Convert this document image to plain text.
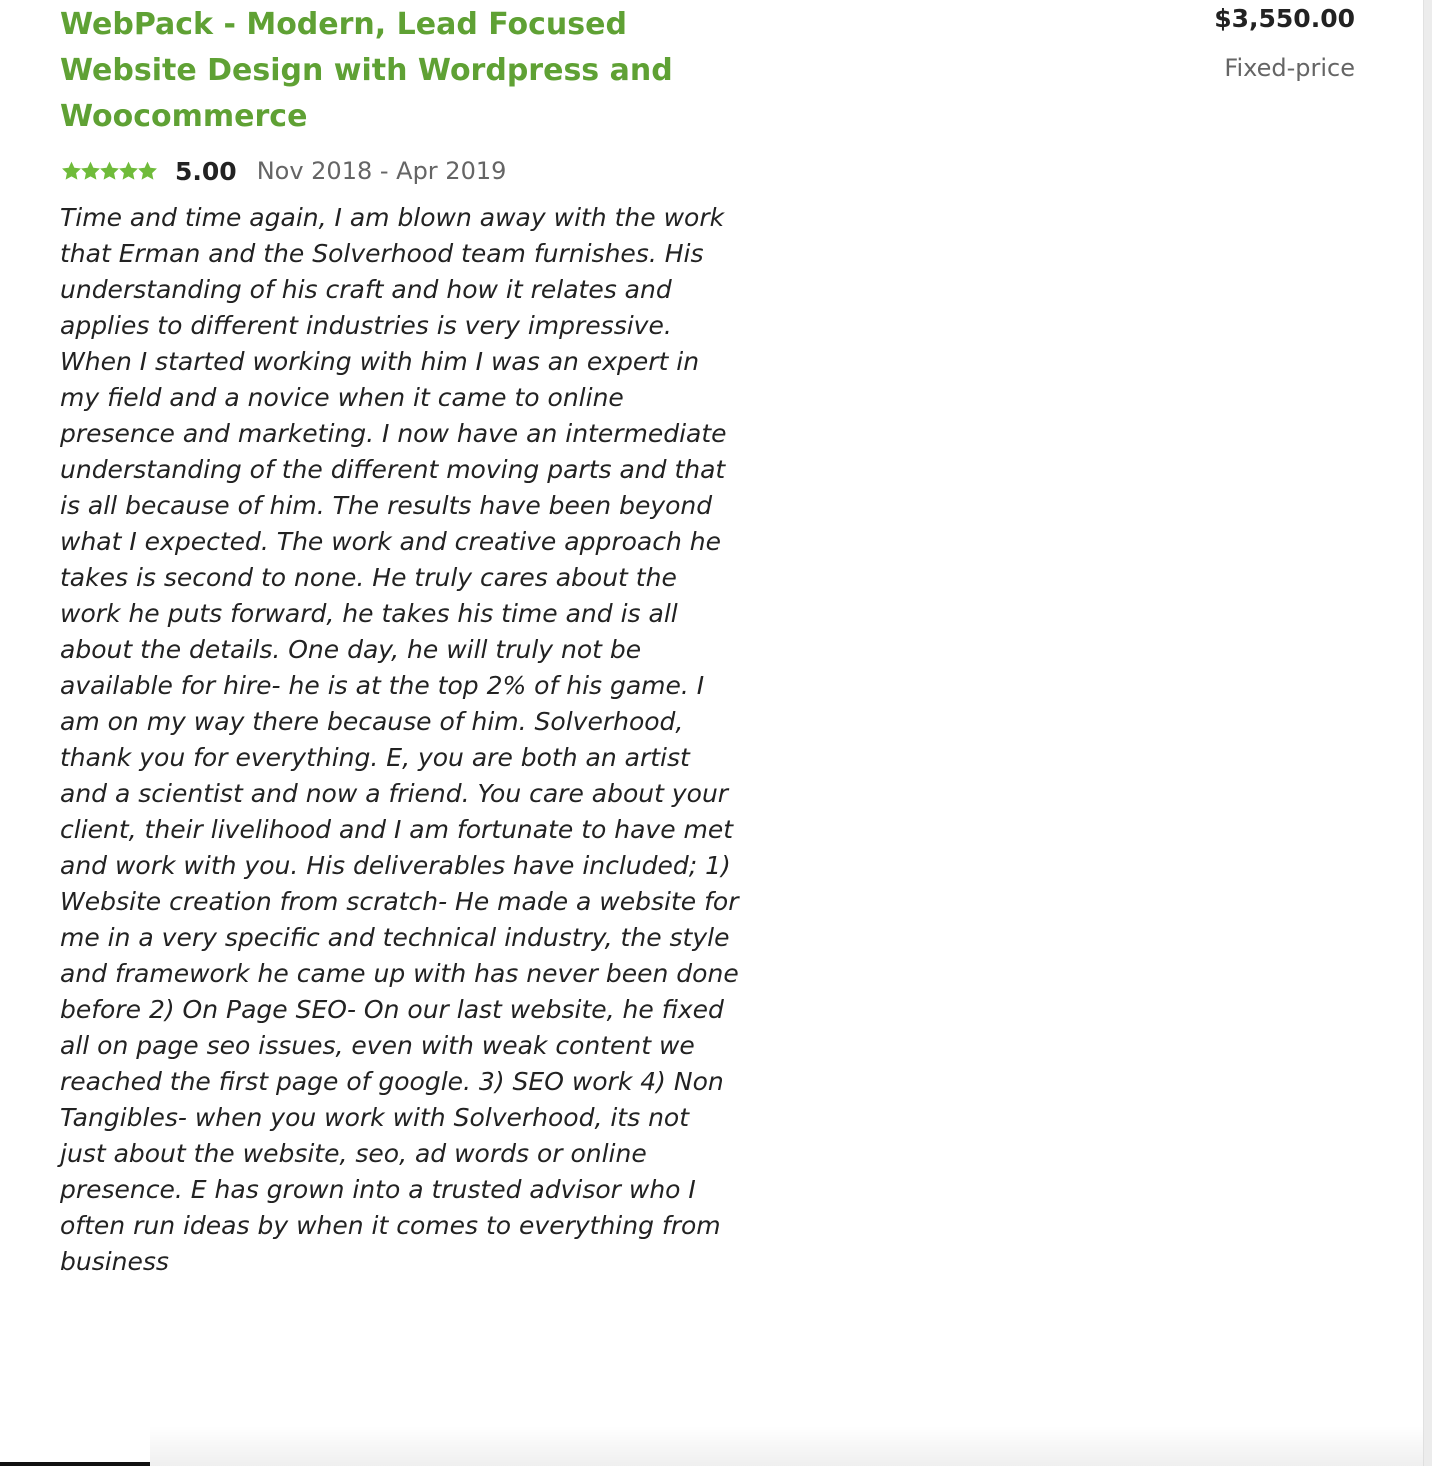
WebPack - Modern, Lead Focused Website Design with Wordpress and Woocommerce
5.00 Nov 2018 - Apr 2019

Time and time again, I am blown away with the work that Erman and the Solverhood team furnishes. His understanding of his craft and how it relates and applies to different industries is very impressive. When I started working with him I was an expert in my field and a novice when it came to online presence and marketing. I now have an intermediate understanding of the different moving parts and that is all because of him. The results have been beyond what I expected. The work and creative approach he takes is second to none. He truly cares about the work he puts forward, he takes his time and is all about the details. One day, he will truly not be available for hire- he is at the top 2% of his game. I am on my way there because of him. Solverhood, thank you for everything. E, you are both an artist and a scientist and now a friend. You care about your client, their livelihood and I am fortunate to have met and work with you. His deliverables have included; 1) Website creation from scratch- He made a website for me in a very specific and technical industry, the style and framework he came up with has never been done before 2) On Page SEO- On our last website, he fixed all on page seo issues, even with weak content we reached the first page of google. 3) SEO work 4) Non Tangibles- when you work with Solverhood, its not just about the website, seo, ad words or online presence. E has grown into a trusted advisor who I often run ideas by when it comes to everything from business

$3,550.00
Fixed-price
